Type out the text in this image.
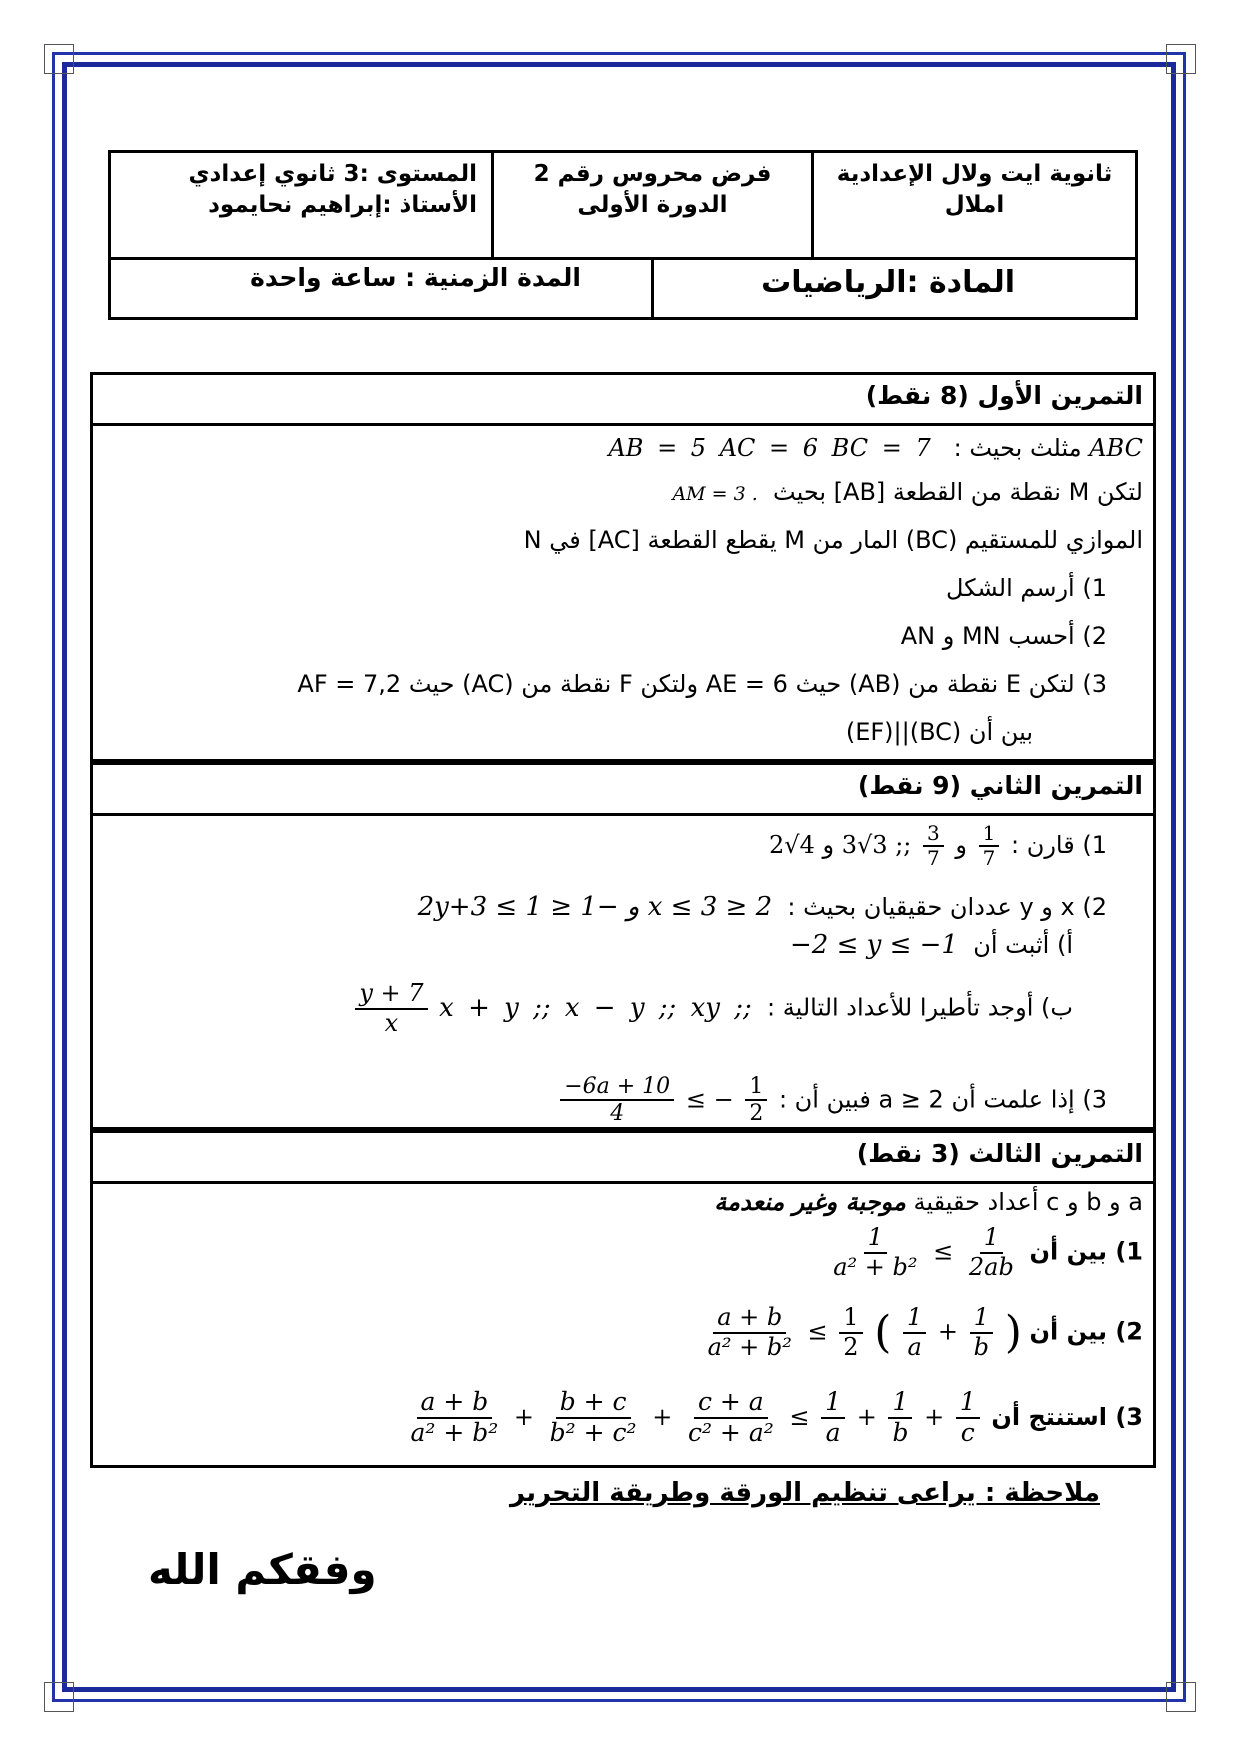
ثانوية ايت ولال الإعدادية
املال
فرض محروس رقم 2
الدورة الأولى
المستوى :3 ثانوي إعدادي
الأستاذ :إبراهيم نحايمود
المادة :الرياضيات
المدة الزمنية : ساعة واحدة
التمرين الأول (8 نقط)
ABC مثلث بحيث :   AB = 5 AC = 6 BC = 7
لتكن M نقطة من القطعة [AB] بحيث  AM = 3 .
الموازي للمستقيم (BC) المار من M يقطع القطعة [AC] في N
1) أرسم الشكل
2) أحسب MN و AN
3) لتكن E نقطة من (AB) حيث AE = 6 ولتكن F نقطة من (AC) حيث AF = 7,2
بين أن (BC)||(EF)
التمرين الثاني (9 نقط)
1) قارن :
$\frac{1}{7}$
و
$\frac{3}{7}$
;; 3√3 و 4√2
2) x و y عددان حقيقيان بحيث :  2 ≤ x ≤ 3 و −1 ≤ 2y+3 ≤ 1
أ) أثبت أن  −2 ≤ y ≤ −1
ب) أوجد تأطيرا للأعداد التالية :  x + y ;; x − y ;; xy ;;
$\frac{y + 7}{x}$
3) إذا علمت أن a ≥ 2 فبين أن :
$\frac{-6a + 10}{4}$ ≤ − $\frac{1}{2}$
التمرين الثالث (3 نقط)
a و b و c أعداد حقيقية موجبة وغير منعدمة
1) بين أن
$\frac{1}{\text{a² + b²}} \le \frac{1}{2ab}$
2) بين أن
$\frac{a + b}{\text{a² + b²}} \le \frac{1}{2}$ ( $\frac{1}{a} + \frac{1}{b}$ )
3) استنتج أن
$\frac{a + b}{\text{a² + b²}} + \frac{b + c}{\text{b² + c²}} + \frac{c + a}{\text{c² + a²}} \le \frac{1}{a} + \frac{1}{b} + \frac{1}{c}$
ملاحظة : يراعى تنظيم الورقة وطريقة التحرير
وفقكم الله
